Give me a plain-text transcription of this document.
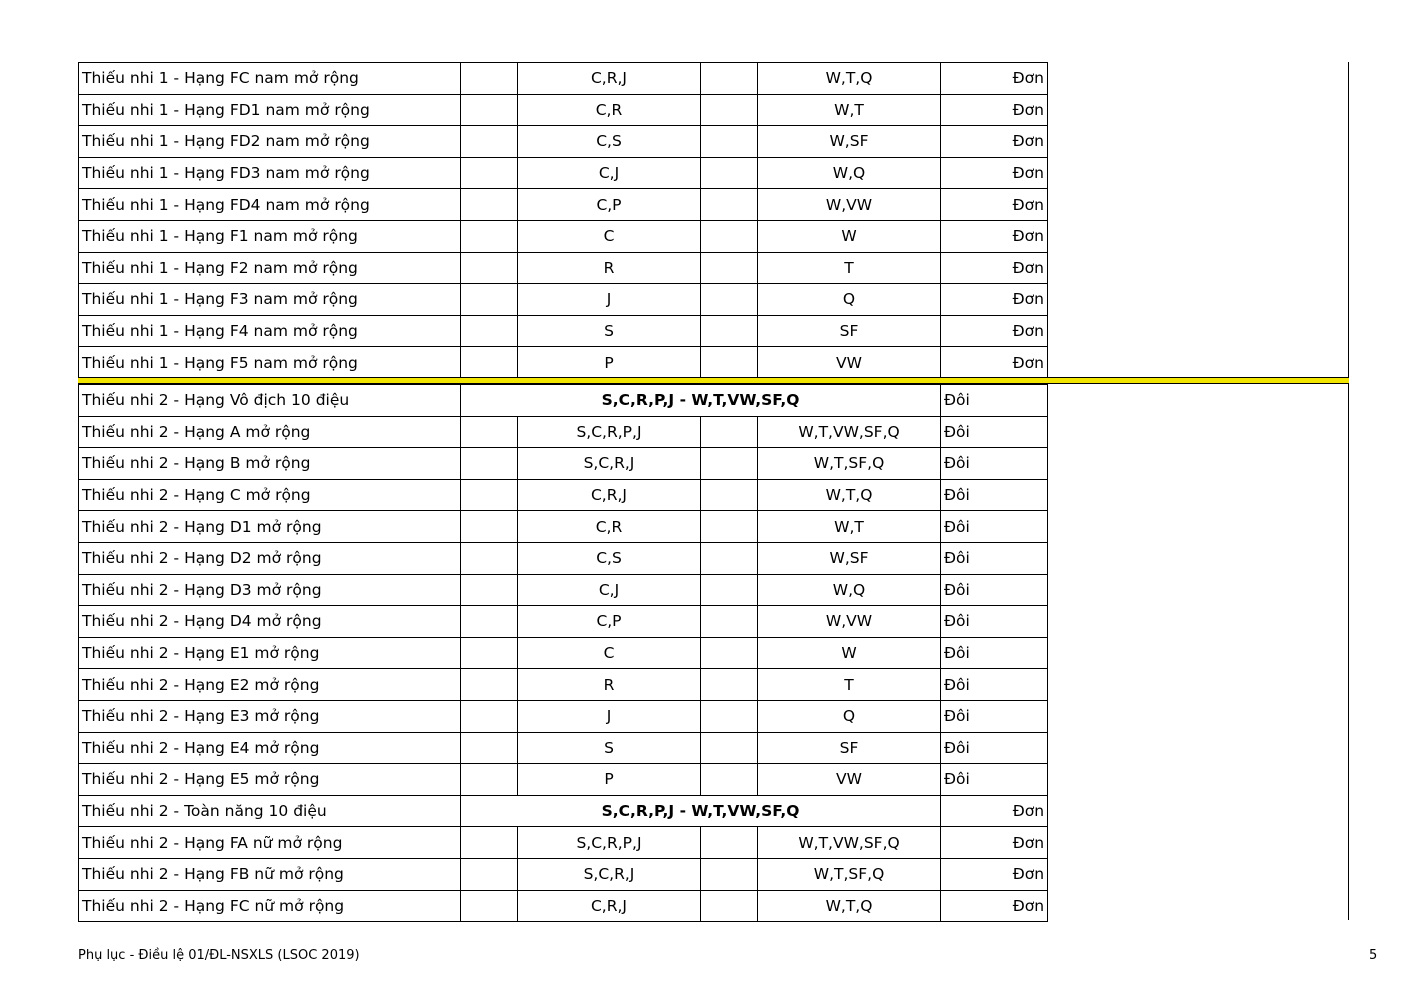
Thiếu nhi 1 - Hạng FC nam mở rộng		C,R,J		W,T,Q	Đơn
Thiếu nhi 1 - Hạng FD1 nam mở rộng		C,R		W,T	Đơn
Thiếu nhi 1 - Hạng FD2 nam mở rộng		C,S		W,SF	Đơn
Thiếu nhi 1 - Hạng FD3 nam mở rộng		C,J		W,Q	Đơn
Thiếu nhi 1 - Hạng FD4 nam mở rộng		C,P		W,VW	Đơn
Thiếu nhi 1 - Hạng F1 nam mở rộng		C		W	Đơn
Thiếu nhi 1 - Hạng F2 nam mở rộng		R		T	Đơn
Thiếu nhi 1 - Hạng F3 nam mở rộng		J		Q	Đơn
Thiếu nhi 1 - Hạng F4 nam mở rộng		S		SF	Đơn
Thiếu nhi 1 - Hạng F5 nam mở rộng		P		VW	Đơn
Thiếu nhi 2 - Hạng Vô địch 10 điệu	S,C,R,P,J - W,T,VW,SF,Q				Đôi
Thiếu nhi 2 - Hạng A mở rộng		S,C,R,P,J		W,T,VW,SF,Q	Đôi
Thiếu nhi 2 - Hạng B mở rộng		S,C,R,J		W,T,SF,Q	Đôi
Thiếu nhi 2 - Hạng C mở rộng		C,R,J		W,T,Q	Đôi
Thiếu nhi 2 - Hạng D1 mở rộng		C,R		W,T	Đôi
Thiếu nhi 2 - Hạng D2 mở rộng		C,S		W,SF	Đôi
Thiếu nhi 2 - Hạng D3 mở rộng		C,J		W,Q	Đôi
Thiếu nhi 2 - Hạng D4 mở rộng		C,P		W,VW	Đôi
Thiếu nhi 2 - Hạng E1 mở rộng		C		W	Đôi
Thiếu nhi 2 - Hạng E2 mở rộng		R		T	Đôi
Thiếu nhi 2 - Hạng E3 mở rộng		J		Q	Đôi
Thiếu nhi 2 - Hạng E4 mở rộng		S		SF	Đôi
Thiếu nhi 2 - Hạng E5 mở rộng		P		VW	Đôi
Thiếu nhi 2 - Toàn năng 10 điệu	S,C,R,P,J - W,T,VW,SF,Q				Đơn
Thiếu nhi 2 - Hạng FA nữ mở rộng		S,C,R,P,J		W,T,VW,SF,Q	Đơn
Thiếu nhi 2 - Hạng FB nữ mở rộng		S,C,R,J		W,T,SF,Q	Đơn
Thiếu nhi 2 - Hạng FC nữ mở rộng		C,R,J		W,T,Q	Đơn
Phụ lục - Điều lệ 01/ĐL-NSXLS (LSOC 2019)	5
